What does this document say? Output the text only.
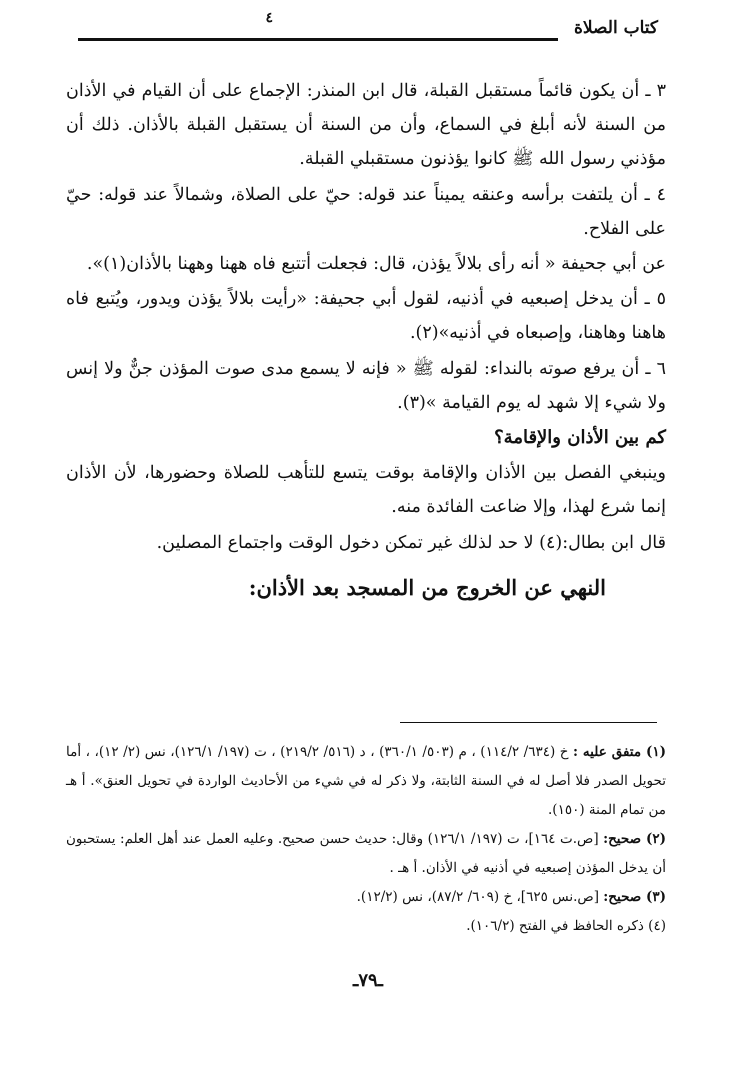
كتاب الصلاة
٤

٣ ـ أن يكون قائماً مستقبل القبلة، قال ابن المنذر: الإجماع على أن القيام في الأذان من السنة لأنه أبلغ في السماع، وأن من السنة أن يستقبل القبلة بالأذان. ذلك أن مؤذني رسول الله ﷺ كانوا يؤذنون مستقبلي القبلة.

٤ ـ أن يلتفت برأسه وعنقه يميناً عند قوله: حيّ على الصلاة، وشمالاً عند قوله: حيّ على الفلاح.

عن أبي جحيفة « أنه رأى بلالاً يؤذن، قال: فجعلت أتتبع فاه ههنا وههنا بالأذان(١)».

٥ ـ أن يدخل إصبعيه في أذنيه، لقول أبي جحيفة: «رأيت بلالاً يؤذن ويدور، ويُتبع فاه هاهنا وهاهنا، وإصبعاه في أذنيه»(٢).

٦ ـ أن يرفع صوته بالنداء: لقوله ﷺ « فإنه لا يسمع مدى صوت المؤذن جنٌّ ولا إنس ولا شيء إلا شهد له يوم القيامة »(٣).

كم بين الأذان والإقامة؟

وينبغي الفصل بين الأذان والإقامة بوقت يتسع للتأهب للصلاة وحضورها، لأن الأذان إنما شرع لهذا، وإلا ضاعت الفائدة منه.

قال ابن بطال:(٤) لا حد لذلك غير تمكن دخول الوقت واجتماع المصلين.

النهي عن الخروج من المسجد بعد الأذان:

(١) متفق عليه : خ (٦٣٤/ ١١٤/٢) ، م (٥٠٣/ ٣٦٠/١) ، د (٥١٦/ ٢١٩/٢) ، ت (١٩٧/ ١٢٦/١)، نس (٢/ ١٢)، ، أما تحويل الصدر فلا أصل له في السنة الثابتة، ولا ذكر له في شيء من الأحاديث الواردة في تحويل العنق». أ هـ من تمام المنة (١٥٠).

(٢) صحيح: [ص.ت ١٦٤]، ت (١٩٧/ ١٢٦/١) وقال: حديث حسن صحيح. وعليه العمل عند أهل العلم: يستحبون أن يدخل المؤذن إصبعيه في أذنيه في الأذان. أ هـ .

(٣) صحيح: [ص.نس ٦٢٥]، خ (٦٠٩/ ٨٧/٢)، نس (١٢/٢).

(٤) ذكره الحافظ في الفتح (١٠٦/٢).

ـ٧٩ـ
